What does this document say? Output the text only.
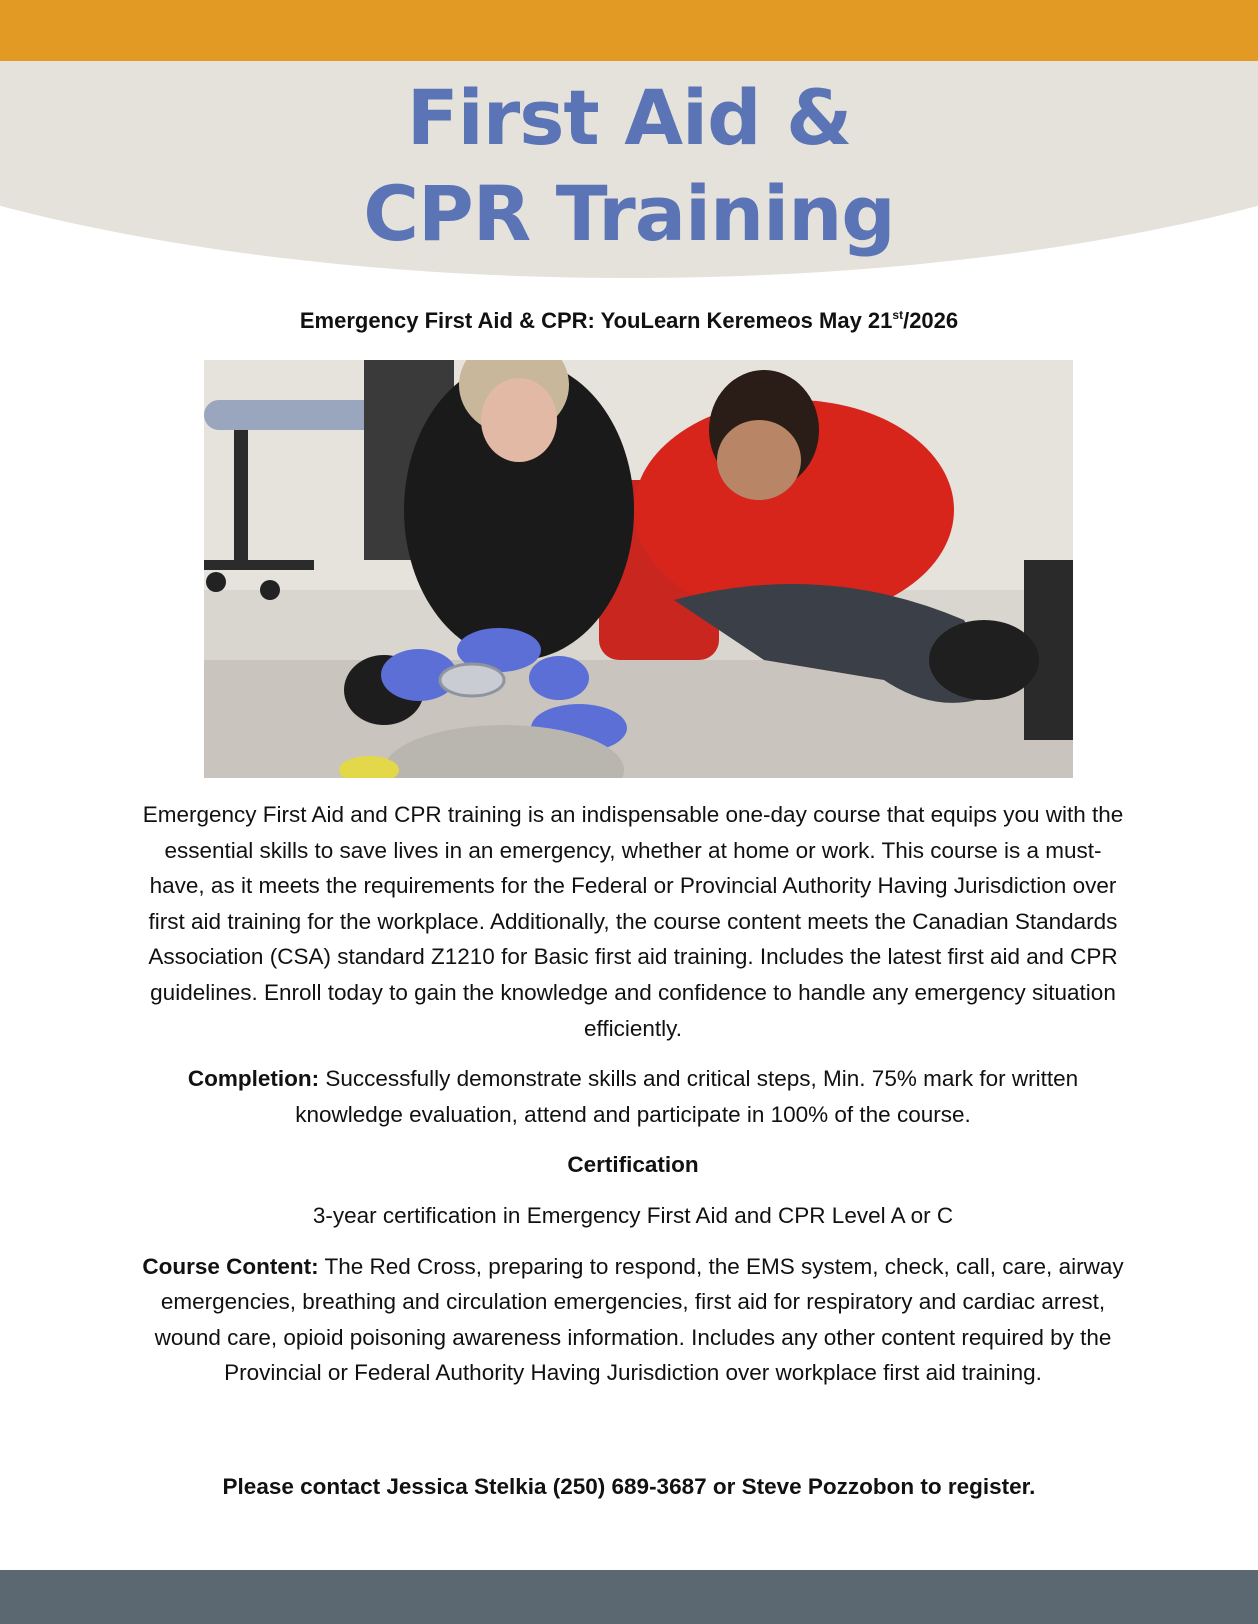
First Aid &
CPR Training
Emergency First Aid & CPR: YouLearn Keremeos May 21st/2026

Emergency First Aid and CPR training is an indispensable one-day course that equips you with the essential skills to save lives in an emergency, whether at home or work. This course is a must-have, as it meets the requirements for the Federal or Provincial Authority Having Jurisdiction over first aid training for the workplace. Additionally, the course content meets the Canadian Standards Association (CSA) standard Z1210 for Basic first aid training. Includes the latest first aid and CPR guidelines. Enroll today to gain the knowledge and confidence to handle any emergency situation efficiently.

Completion: Successfully demonstrate skills and critical steps, Min. 75% mark for written knowledge evaluation, attend and participate in 100% of the course.

Certification

3-year certification in Emergency First Aid and CPR Level A or C

Course Content: The Red Cross, preparing to respond, the EMS system, check, call, care, airway emergencies, breathing and circulation emergencies, first aid for respiratory and cardiac arrest, wound care, opioid poisoning awareness information. Includes any other content required by the Provincial or Federal Authority Having Jurisdiction over workplace first aid training.

Please contact Jessica Stelkia (250) 689-3687 or Steve Pozzobon to register.
